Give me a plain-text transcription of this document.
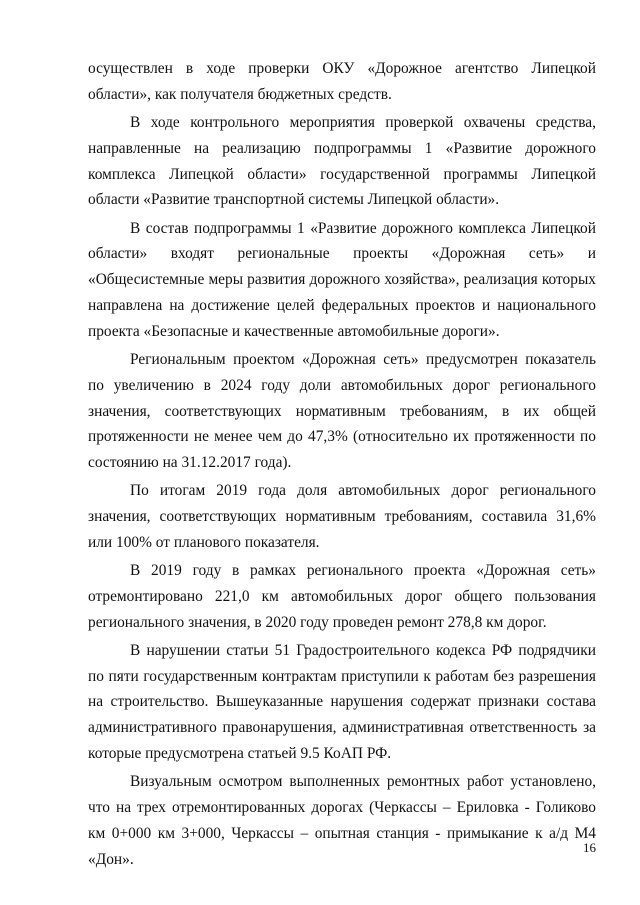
осуществлен в ходе проверки ОКУ «Дорожное агентство Липецкой области», как получателя бюджетных средств.

В ходе контрольного мероприятия проверкой охвачены средства, направленные на реализацию подпрограммы 1 «Развитие дорожного комплекса Липецкой области» государственной программы Липецкой области «Развитие транспортной системы Липецкой области».

В состав подпрограммы 1 «Развитие дорожного комплекса Липецкой области» входят региональные проекты «Дорожная сеть» и «Общесистемные меры развития дорожного хозяйства», реализация которых направлена на достижение целей федеральных проектов и национального проекта «Безопасные и качественные автомобильные дороги».

Региональным проектом «Дорожная сеть» предусмотрен показатель по увеличению в 2024 году доли автомобильных дорог регионального значения, соответствующих нормативным требованиям, в их общей протяженности не менее чем до 47,3% (относительно их протяженности по состоянию на 31.12.2017 года).

По итогам 2019 года доля автомобильных дорог регионального значения, соответствующих нормативным требованиям, составила 31,6% или 100% от планового показателя.

В 2019 году в рамках регионального проекта «Дорожная сеть» отремонтировано 221,0 км автомобильных дорог общего пользования регионального значения, в 2020 году проведен ремонт 278,8 км дорог.

В нарушении статьи 51 Градостроительного кодекса РФ подрядчики по пяти государственным контрактам приступили к работам без разрешения на строительство. Вышеуказанные нарушения содержат признаки состава административного правонарушения, административная ответственность за которые предусмотрена статьей 9.5 КоАП РФ.

Визуальным осмотром выполненных ремонтных работ установлено, что на трех отремонтированных дорогах (Черкассы – Ериловка - Голиково км 0+000 км 3+000, Черкассы – опытная станция - примыкание к а/д М4 «Дон».

16
